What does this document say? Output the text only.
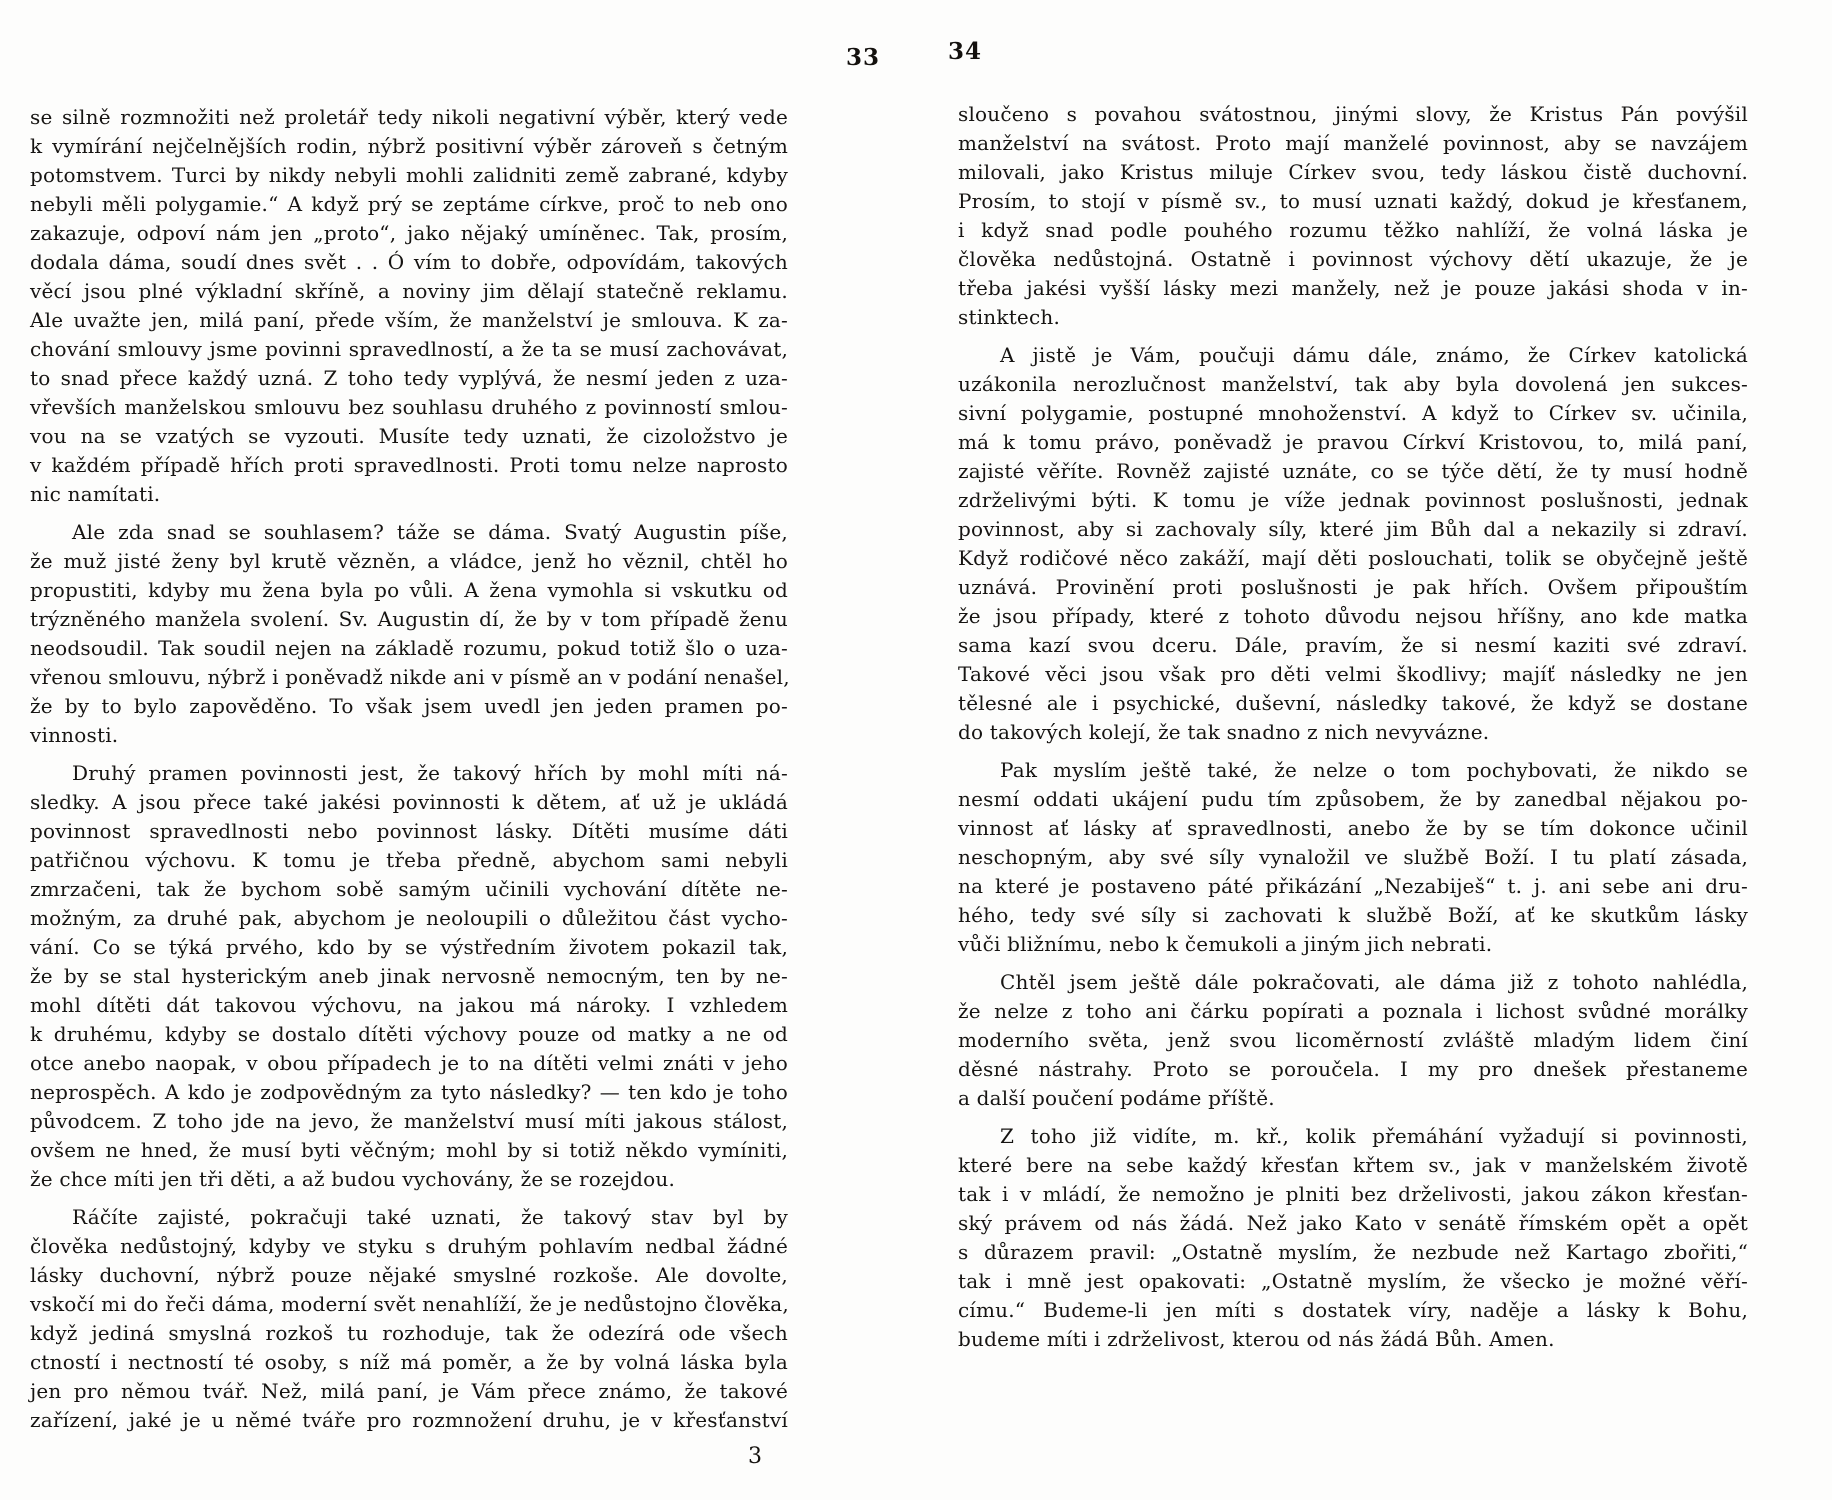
33	34
se silně rozmnožiti než proletář tedy nikoli negativní výběr, který vede
k vymírání nejčelnějších rodin, nýbrž positivní výběr zároveň s četným
potomstvem. Turci by nikdy nebyli mohli zalidniti země zabrané, kdyby
nebyli měli polygamie.“ A když prý se zeptáme církve, proč to neb ono
zakazuje, odpoví nám jen „proto“, jako nějaký umíněnec. Tak, prosím,
dodala dáma, soudí dnes svět . . Ó vím to dobře, odpovídám, takových
věcí jsou plné výkladní skříně, a noviny jim dělají statečně reklamu.
Ale uvažte jen, milá paní, přede vším, že manželství je smlouva. K za-
chování smlouvy jsme povinni spravedlností, a že ta se musí zachovávat,
to snad přece každý uzná. Z toho tedy vyplývá, že nesmí jeden z uza-
vřevších manželskou smlouvu bez souhlasu druhého z povinností smlou-
vou na se vzatých se vyzouti. Musíte tedy uznati, že cizoložstvo je
v každém případě hřích proti spravedlnosti. Proti tomu nelze naprosto
nic namítati.
Ale zda snad se souhlasem? táže se dáma. Svatý Augustin píše,
že muž jisté ženy byl krutě vězněn, a vládce, jenž ho věznil, chtěl ho
propustiti, kdyby mu žena byla po vůli. A žena vymohla si vskutku od
trýzněného manžela svolení. Sv. Augustin dí, že by v tom případě ženu
neodsoudil. Tak soudil nejen na základě rozumu, pokud totiž šlo o uza-
vřenou smlouvu, nýbrž i poněvadž nikde ani v písmě an v podání nenašel,
že by to bylo zapověděno. To však jsem uvedl jen jeden pramen po-
vinnosti.
Druhý pramen povinnosti jest, že takový hřích by mohl míti ná-
sledky. A jsou přece také jakési povinnosti k dětem, ať už je ukládá
povinnost spravedlnosti nebo povinnost lásky. Dítěti musíme dáti
patřičnou výchovu. K tomu je třeba předně, abychom sami nebyli
zmrzačeni, tak že bychom sobě samým učinili vychování dítěte ne-
možným, za druhé pak, abychom je neoloupili o důležitou část vycho-
vání. Co se týká prvého, kdo by se výstředním životem pokazil tak,
že by se stal hysterickým aneb jinak nervosně nemocným, ten by ne-
mohl dítěti dát takovou výchovu, na jakou má nároky. I vzhledem
k druhému, kdyby se dostalo dítěti výchovy pouze od matky a ne od
otce anebo naopak, v obou případech je to na dítěti velmi znáti v jeho
neprospěch. A kdo je zodpovědným za tyto následky? — ten kdo je toho
původcem. Z toho jde na jevo, že manželství musí míti jakous stálost,
ovšem ne hned, že musí byti věčným; mohl by si totiž někdo vymíniti,
že chce míti jen tři děti, a až budou vychovány, že se rozejdou.
Ráčíte zajisté, pokračuji také uznati, že takový stav byl by
člověka nedůstojný, kdyby ve styku s druhým pohlavím nedbal žádné
lásky duchovní, nýbrž pouze nějaké smyslné rozkoše. Ale dovolte,
vskočí mi do řeči dáma, moderní svět nenahlíží, že je nedůstojno člověka,
když jediná smyslná rozkoš tu rozhoduje, tak že odezírá ode všech
ctností i nectností té osoby, s níž má poměr, a že by volná láska byla
jen pro němou tvář. Než, milá paní, je Vám přece známo, že takové
zařízení, jaké je u němé tváře pro rozmnožení druhu, je v křesťanství
sloučeno s povahou svátostnou, jinými slovy, že Kristus Pán povýšil
manželství na svátost. Proto mají manželé povinnost, aby se navzájem
milovali, jako Kristus miluje Církev svou, tedy láskou čistě duchovní.
Prosím, to stojí v písmě sv., to musí uznati každý, dokud je křesťanem,
i když snad podle pouhého rozumu těžko nahlíží, že volná láska je
člověka nedůstojná. Ostatně i povinnost výchovy dětí ukazuje, že je
třeba jakési vyšší lásky mezi manžely, než je pouze jakási shoda v in-
stinktech.
A jistě je Vám, poučuji dámu dále, známo, že Církev katolická
uzákonila nerozlučnost manželství, tak aby byla dovolená jen sukces-
sivní polygamie, postupné mnohoženství. A když to Církev sv. učinila,
má k tomu právo, poněvadž je pravou Církví Kristovou, to, milá paní,
zajisté věříte. Rovněž zajisté uznáte, co se týče dětí, že ty musí hodně
zdrželivými býti. K tomu je víže jednak povinnost poslušnosti, jednak
povinnost, aby si zachovaly síly, které jim Bůh dal a nekazily si zdraví.
Když rodičové něco zakáží, mají děti poslouchati, tolik se obyčejně ještě
uznává. Provinění proti poslušnosti je pak hřích. Ovšem připouštím
že jsou případy, které z tohoto důvodu nejsou hříšny, ano kde matka
sama kazí svou dceru. Dále, pravím, že si nesmí kaziti své zdraví.
Takové věci jsou však pro děti velmi škodlivy; majíť následky ne jen
tělesné ale i psychické, duševní, následky takové, že když se dostane
do takových kolejí, že tak snadno z nich nevyvázne.
Pak myslím ještě také, že nelze o tom pochybovati, že nikdo se
nesmí oddati ukájení pudu tím způsobem, že by zanedbal nějakou po-
vinnost ať lásky ať spravedlnosti, anebo že by se tím dokonce učinil
neschopným, aby své síly vynaložil ve službě Boží. I tu platí zásada,
na které je postaveno páté přikázání „Nezabiješ“ t. j. ani sebe ani dru-
hého, tedy své síly si zachovati k službě Boží, ať ke skutkům lásky
vůči bližnímu, nebo k čemukoli a jiným jich nebrati.
Chtěl jsem ještě dále pokračovati, ale dáma již z tohoto nahlédla,
že nelze z toho ani čárku popírati a poznala i lichost svůdné morálky
moderního světa, jenž svou licoměrností zvláště mladým lidem činí
děsné nástrahy. Proto se poroučela. I my pro dnešek přestaneme
a další poučení podáme příště.
Z toho již vidíte, m. kř., kolik přemáhání vyžadují si povinnosti,
které bere na sebe každý křesťan křtem sv., jak v manželském životě
tak i v mládí, že nemožno je plniti bez drželivosti, jakou zákon křesťan-
ský právem od nás žádá. Než jako Kato v senátě římském opět a opět
s důrazem pravil: „Ostatně myslím, že nezbude než Kartago zbořiti,“
tak i mně jest opakovati: „Ostatně myslím, že všecko je možné věří-
címu.“ Budeme-li jen míti s dostatek víry, naděje a lásky k Bohu,
budeme míti i zdrželivost, kterou od nás žádá Bůh. Amen.
3
